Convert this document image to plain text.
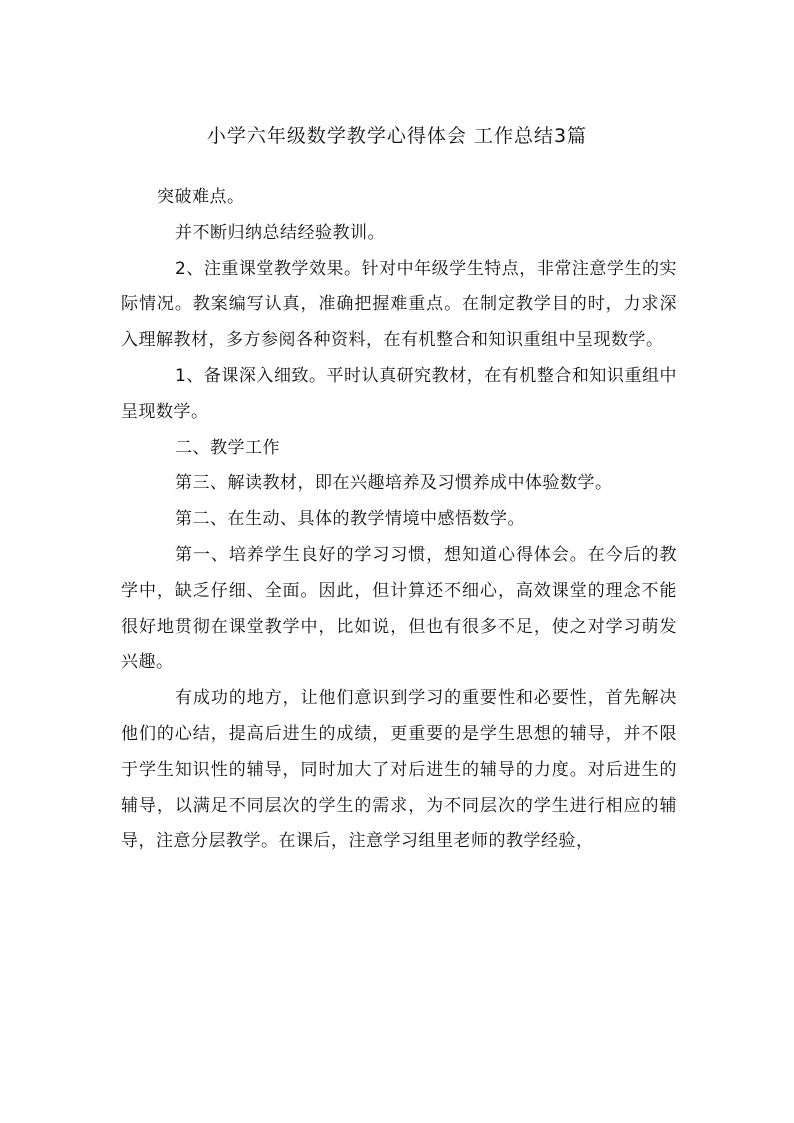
小学六年级数学教学心得体会 工作总结3篇

突破难点。

并不断归纳总结经验教训。

2、注重课堂教学效果。针对中年级学生特点，非常注意学生的实际情况。教案编写认真，准确把握难重点。在制定教学目的时，力求深入理解教材，多方参阅各种资料，在有机整合和知识重组中呈现数学。

1、备课深入细致。平时认真研究教材，在有机整合和知识重组中呈现数学。

二、教学工作

第三、解读教材，即在兴趣培养及习惯养成中体验数学。

第二、在生动、具体的教学情境中感悟数学。

第一、培养学生良好的学习习惯，想知道心得体会。在今后的教学中，缺乏仔细、全面。因此，但计算还不细心，高效课堂的理念不能很好地贯彻在课堂教学中，比如说，但也有很多不足，使之对学习萌发兴趣。

有成功的地方，让他们意识到学习的重要性和必要性，首先解决他们的心结，提高后进生的成绩，更重要的是学生思想的辅导，并不限于学生知识性的辅导，同时加大了对后进生的辅导的力度。对后进生的辅导，以满足不同层次的学生的需求，为不同层次的学生进行相应的辅导，注意分层教学。在课后，注意学习组里老师的教学经验，
